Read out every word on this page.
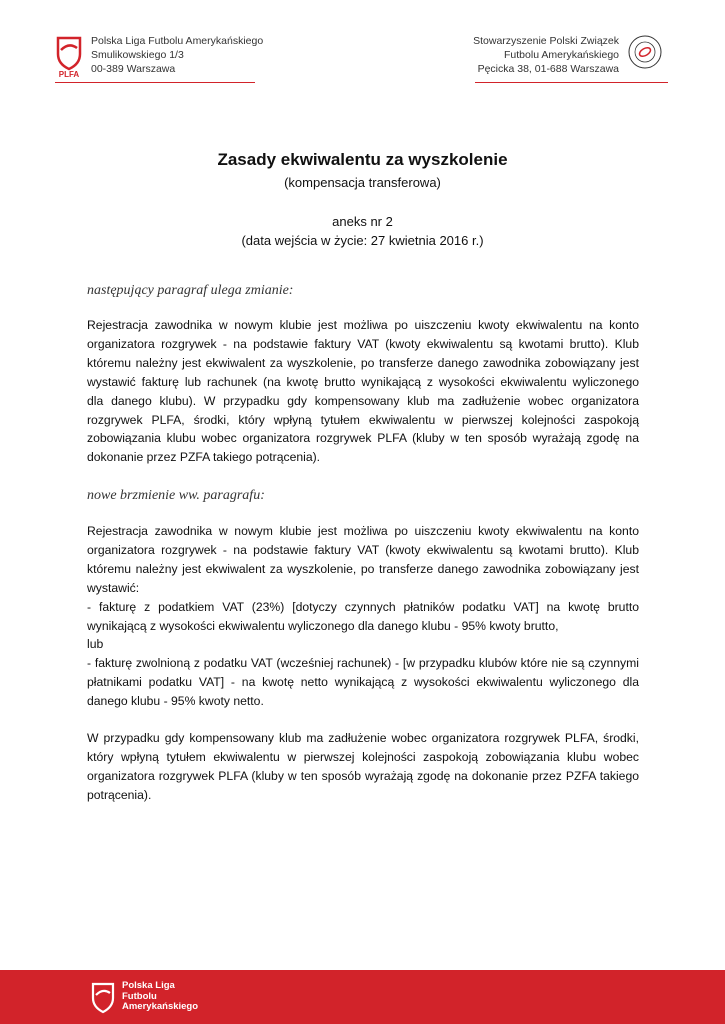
PLFA
Polska Liga Futbolu Amerykańskiego
Smulikowskiego 1/3
00-389 Warszawa
Stowarzyszenie Polski Związek
Futbolu Amerykańskiego
Pęcicka 38, 01-688 Warszawa
Zasady ekwiwalentu za wyszkolenie
(kompensacja transferowa)
aneks nr 2
(data wejścia w życie: 27 kwietnia 2016 r.)
następujący paragraf ulega zmianie:
Rejestracja zawodnika w nowym klubie jest możliwa po uiszczeniu kwoty ekwiwalentu na konto
organizatora rozgrywek - na podstawie faktury VAT (kwoty ekwiwalentu są kwotami brutto). Klub
któremu należny jest ekwiwalent za wyszkolenie, po transferze danego zawodnika zobowiązany jest
wystawić fakturę lub rachunek (na kwotę brutto wynikającą z wysokości ekwiwalentu wyliczonego
dla danego klubu). W przypadku gdy kompensowany klub ma zadłużenie wobec organizatora
rozgrywek PLFA, środki, który wpłyną tytułem ekwiwalentu w pierwszej kolejności zaspokoją
zobowiązania klubu wobec organizatora rozgrywek PLFA (kluby w ten sposób wyrażają zgodę na
dokonanie przez PZFA takiego potrącenia).
nowe brzmienie ww. paragrafu:
Rejestracja zawodnika w nowym klubie jest możliwa po uiszczeniu kwoty ekwiwalentu na konto
organizatora rozgrywek - na podstawie faktury VAT (kwoty ekwiwalentu są kwotami brutto). Klub
któremu należny jest ekwiwalent za wyszkolenie, po transferze danego zawodnika zobowiązany jest
wystawić:
- fakturę z podatkiem VAT (23%) [dotyczy czynnych płatników podatku VAT] na kwotę brutto
wynikającą z wysokości ekwiwalentu wyliczonego dla danego klubu - 95% kwoty brutto,
lub
- fakturę zwolnioną z podatku VAT (wcześniej rachunek) - [w przypadku klubów które nie są czynnymi
płatnikami podatku VAT] - na kwotę netto wynikającą z wysokości ekwiwalentu wyliczonego dla
danego klubu - 95% kwoty netto.
W przypadku gdy kompensowany klub ma zadłużenie wobec organizatora rozgrywek PLFA, środki,
który wpłyną tytułem ekwiwalentu w pierwszej kolejności zaspokoją zobowiązania klubu wobec
organizatora rozgrywek PLFA (kluby w ten sposób wyrażają zgodę na dokonanie przez PZFA takiego
potrącenia).
Polska Liga
Futbolu
Amerykańskiego
